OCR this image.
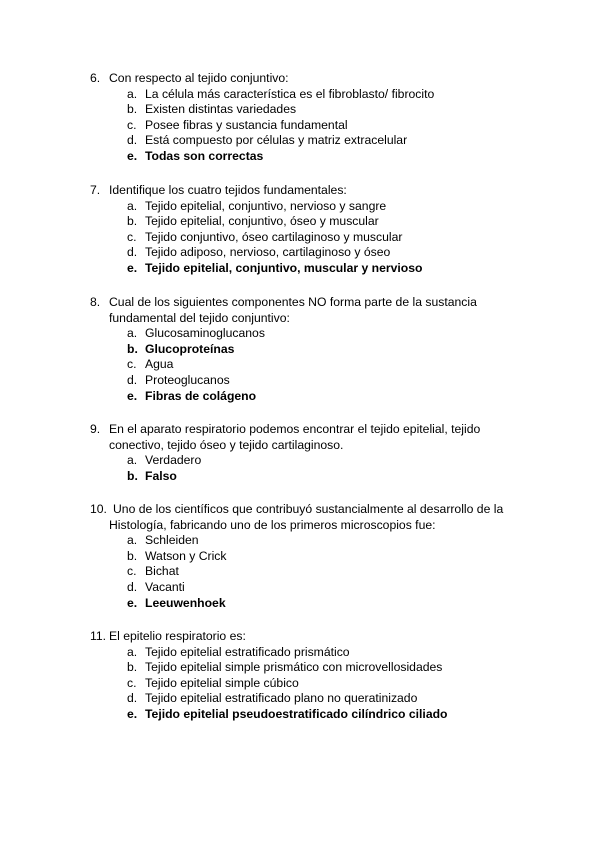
6. Con respecto al tejido conjuntivo:
a. La célula más característica es el fibroblasto/ fibrocito
b. Existen distintas variedades
c. Posee fibras y sustancia fundamental
d. Está compuesto por células y matriz extracelular
e. Todas son correctas
7. Identifique los cuatro tejidos fundamentales:
a. Tejido epitelial, conjuntivo, nervioso y sangre
b. Tejido epitelial, conjuntivo, óseo y muscular
c. Tejido conjuntivo, óseo cartilaginoso y muscular
d. Tejido adiposo, nervioso, cartilaginoso y óseo
e. Tejido epitelial, conjuntivo, muscular y nervioso
8. Cual de los siguientes componentes NO forma parte de la sustancia
fundamental del tejido conjuntivo:
a. Glucosaminoglucanos
b. Glucoproteínas
c. Agua
d. Proteoglucanos
e. Fibras de colágeno
9. En el aparato respiratorio podemos encontrar el tejido epitelial, tejido
conectivo, tejido óseo y tejido cartilaginoso.
a. Verdadero
b. Falso
10. Uno de los científicos que contribuyó sustancialmente al desarrollo de la
Histología, fabricando uno de los primeros microscopios fue:
a. Schleiden
b. Watson y Crick
c. Bichat
d. Vacanti
e. Leeuwenhoek
11. El epitelio respiratorio es:
a. Tejido epitelial estratificado prismático
b. Tejido epitelial simple prismático con microvellosidades
c. Tejido epitelial simple cúbico
d. Tejido epitelial estratificado plano no queratinizado
e. Tejido epitelial pseudoestratificado cilíndrico ciliado
